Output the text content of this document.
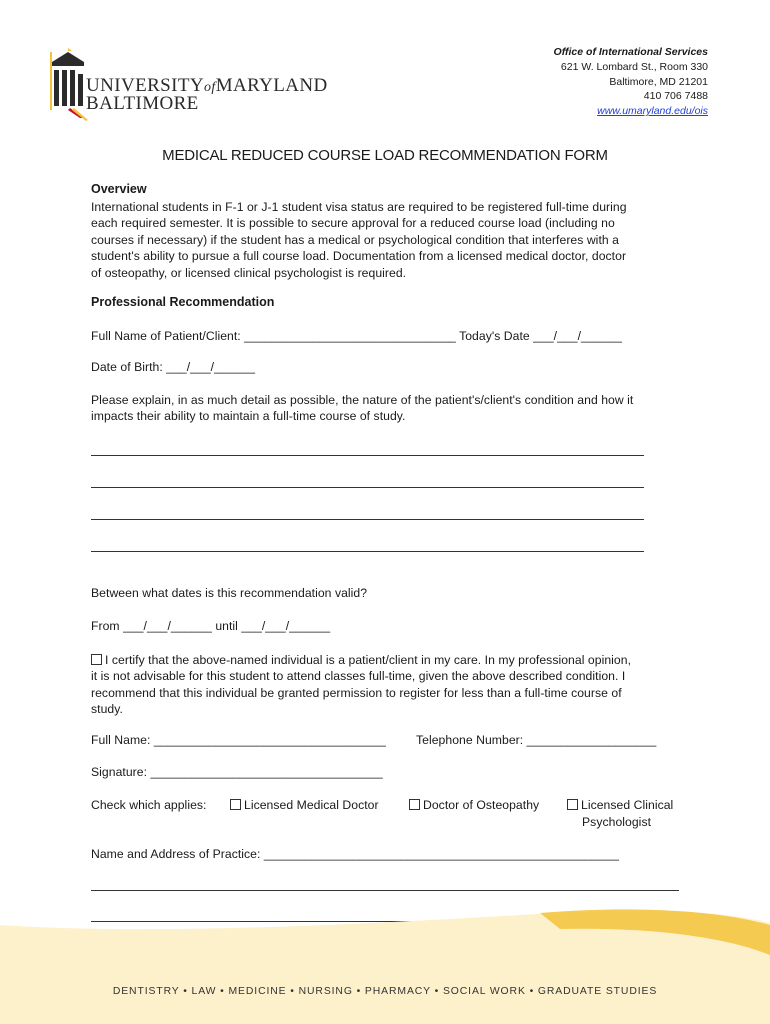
UNIVERSITYofMARYLAND
BALTIMORE
Office of International Services
621 W. Lombard St., Room 330
Baltimore, MD 21201
410 706 7488
www.umaryland.edu/ois
MEDICAL REDUCED COURSE LOAD RECOMMENDATION FORM
Overview
International students in F-1 or J-1 student visa status are required to be registered full-time during
each required semester. It is possible to secure approval for a reduced course load (including no
courses if necessary) if the student has a medical or psychological condition that interferes with a
student's ability to pursue a full course load. Documentation from a licensed medical doctor, doctor
of osteopathy, or licensed clinical psychologist is required.
Professional Recommendation
Full Name of Patient/Client: _______________________________ Today's Date ___/___/______
Date of Birth: ___/___/______
Please explain, in as much detail as possible, the nature of the patient's/client's condition and how it
impacts their ability to maintain a full-time course of study.
Between what dates is this recommendation valid?
From ___/___/______ until ___/___/______
I certify that the above-named individual is a patient/client in my care. In my professional opinion,
it is not advisable for this student to attend classes full-time, given the above described condition. I
recommend that this individual be granted permission to register for less than a full-time course of
study.
Full Name: __________________________________ Telephone Number: ___________________
Signature: __________________________________
Check which applies:	Licensed Medical Doctor	Doctor of Osteopathy	Licensed Clinical
Psychologist
Name and Address of Practice: ____________________________________________________
DENTISTRY • LAW • MEDICINE • NURSING • PHARMACY • SOCIAL WORK • GRADUATE STUDIES
